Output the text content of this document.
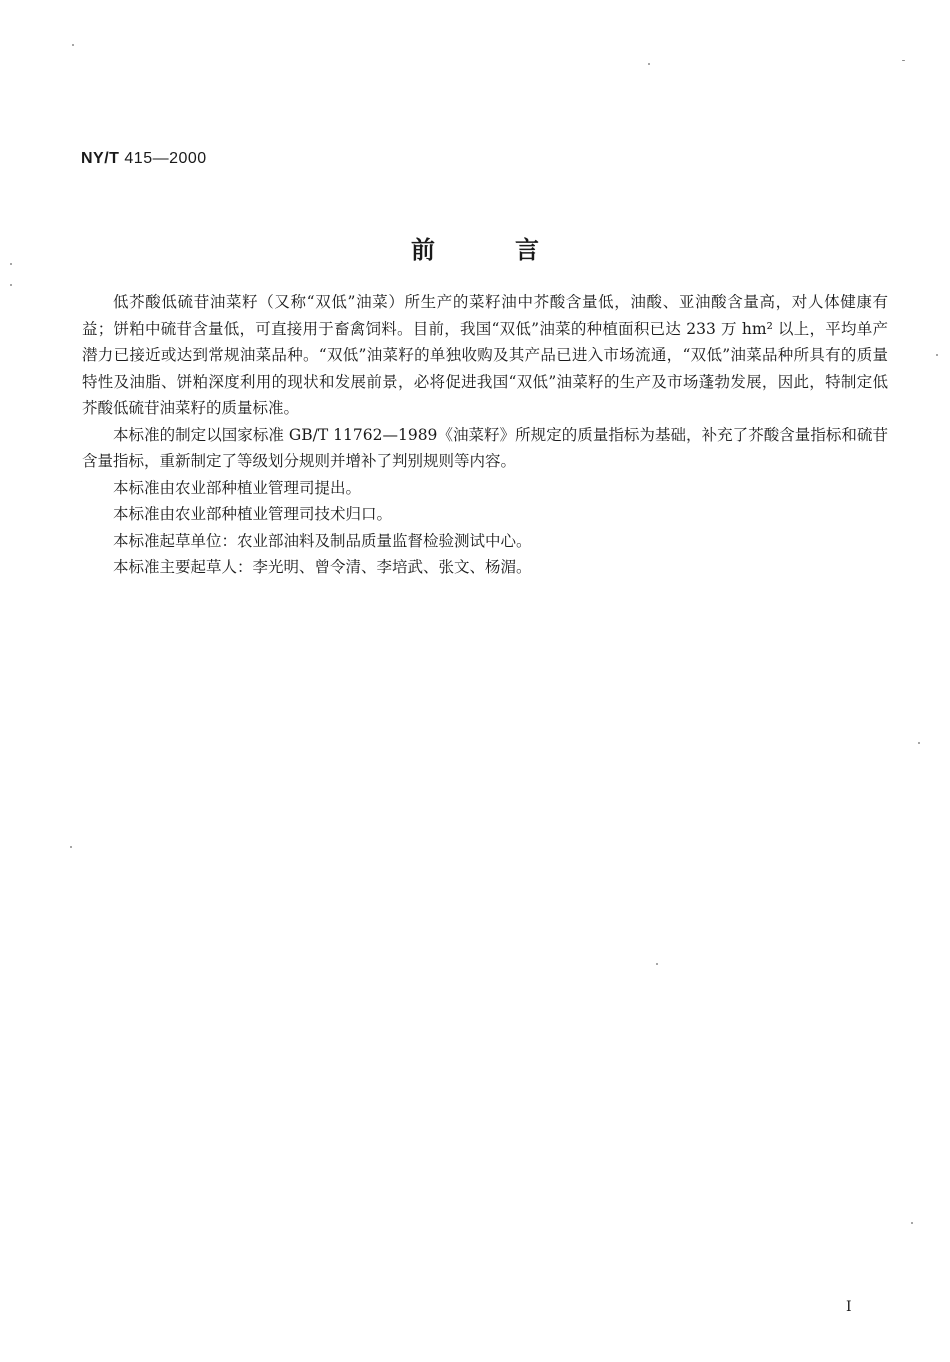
NY/T 415—2000
前言

低芥酸低硫苷油菜籽（又称“双低”油菜）所生产的菜籽油中芥酸含量低，油酸、亚油酸含量高，对人体健康有益；饼粕中硫苷含量低，可直接用于畜禽饲料。目前，我国“双低”油菜的种植面积已达 233 万 hm² 以上，平均单产潜力已接近或达到常规油菜品种。“双低”油菜籽的单独收购及其产品已进入市场流通，“双低”油菜品种所具有的质量特性及油脂、饼粕深度利用的现状和发展前景，必将促进我国“双低”油菜籽的生产及市场蓬勃发展，因此，特制定低芥酸低硫苷油菜籽的质量标准。

本标准的制定以国家标准 GB/T 11762—1989《油菜籽》所规定的质量指标为基础，补充了芥酸含量指标和硫苷含量指标，重新制定了等级划分规则并增补了判别规则等内容。

本标准由农业部种植业管理司提出。

本标准由农业部种植业管理司技术归口。

本标准起草单位：农业部油料及制品质量监督检验测试中心。

本标准主要起草人：李光明、曾令清、李培武、张文、杨湄。

I
